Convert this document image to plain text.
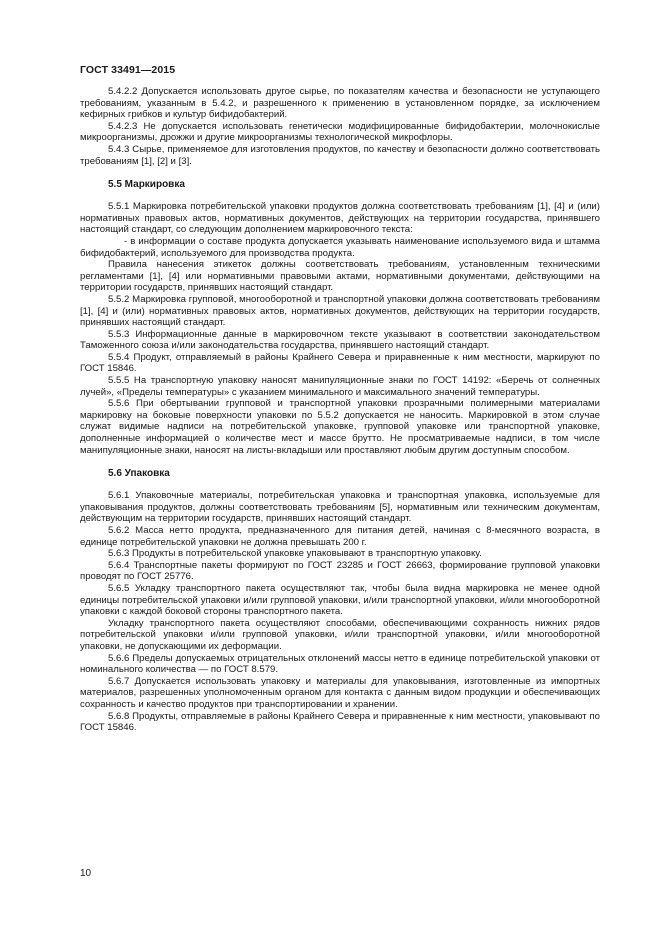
ГОСТ 33491—2015

5.4.2.2 Допускается использовать другое сырье, по показателям качества и безопасности не уступающего требованиям, указанным в 5.4.2, и разрешенного к применению в установленном порядке, за исключением кефирных грибков и культур бифидобактерий.

5.4.2.3 Не допускается использовать генетически модифицированные бифидобактерии, молочнокислые микроорганизмы, дрожжи и другие микроорганизмы технологической микрофлоры.

5.4.3 Сырье, применяемое для изготовления продуктов, по качеству и безопасности должно соответствовать требованиям [1], [2] и [3].

5.5 Маркировка

5.5.1 Маркировка потребительской упаковки продуктов должна соответствовать требованиям [1], [4] и (или) нормативных правовых актов, нормативных документов, действующих на территории государства, принявшего настоящий стандарт, со следующим дополнением маркировочного текста:

- в информации о составе продукта допускается указывать наименование используемого вида и штамма бифидобактерий, используемого для производства продукта.

Правила нанесения этикеток должны соответствовать требованиям, установленным техническими регламентами [1], [4] или нормативными правовыми актами, нормативными документами, действующими на территории государств, принявших настоящий стандарт.

5.5.2 Маркировка групповой, многооборотной и транспортной упаковки должна соответствовать требованиям [1], [4] и (или) нормативных правовых актов, нормативных документов, действующих на территории государств, принявших настоящий стандарт.

5.5.3 Информационные данные в маркировочном тексте указывают в соответствии законодательством Таможенного союза и/или законодательства государства, принявшего настоящий стандарт.

5.5.4 Продукт, отправляемый в районы Крайнего Севера и приравненные к ним местности, маркируют по ГОСТ 15846.

5.5.5 На транспортную упаковку наносят манипуляционные знаки по ГОСТ 14192: «Беречь от солнечных лучей», «Пределы температуры» с указанием минимального и максимального значений температуры.

5.5.6 При обертывании групповой и транспортной упаковки прозрачными полимерными материалами маркировку на боковые поверхности упаковки по 5.5.2 допускается не наносить. Маркировкой в этом случае служат видимые надписи на потребительской упаковке, групповой упаковке или транспортной упаковке, дополненные информацией о количестве мест и массе брутто. Не просматриваемые надписи, в том числе манипуляционные знаки, наносят на листы-вкладыши или проставляют любым другим доступным способом.

5.6 Упаковка

5.6.1 Упаковочные материалы, потребительская упаковка и транспортная упаковка, используемые для упаковывания продуктов, должны соответствовать требованиям [5], нормативным или техническим документам, действующим на территории государств, принявших настоящий стандарт.

5.6.2 Масса нетто продукта, предназначенного для питания детей, начиная с 8-месячного возраста, в единице потребительской упаковки не должна превышать 200 г.

5.6.3 Продукты в потребительской упаковке упаковывают в транспортную упаковку.

5.6.4 Транспортные пакеты формируют по ГОСТ 23285 и ГОСТ 26663, формирование групповой упаковки проводят по ГОСТ 25776.

5.6.5 Укладку транспортного пакета осуществляют так, чтобы была видна маркировка не менее одной единицы потребительской упаковки и/или групповой упаковки, и/или транспортной упаковки, и/или многооборотной упаковки с каждой боковой стороны транспортного пакета.

Укладку транспортного пакета осуществляют способами, обеспечивающими сохранность нижних рядов потребительской упаковки и/или групповой упаковки, и/или транспортной упаковки, и/или многооборотной упаковки, не допускающими их деформации.

5.6.6 Пределы допускаемых отрицательных отклонений массы нетто в единице потребительской упаковки от номинального количества — по ГОСТ 8.579.

5.6.7 Допускается использовать упаковку и материалы для упаковывания, изготовленные из импортных материалов, разрешенных уполномоченным органом для контакта с данным видом продукции и обеспечивающих сохранность и качество продуктов при транспортировании и хранении.

5.6.8 Продукты, отправляемые в районы Крайнего Севера и приравненные к ним местности, упаковывают по ГОСТ 15846.

10
